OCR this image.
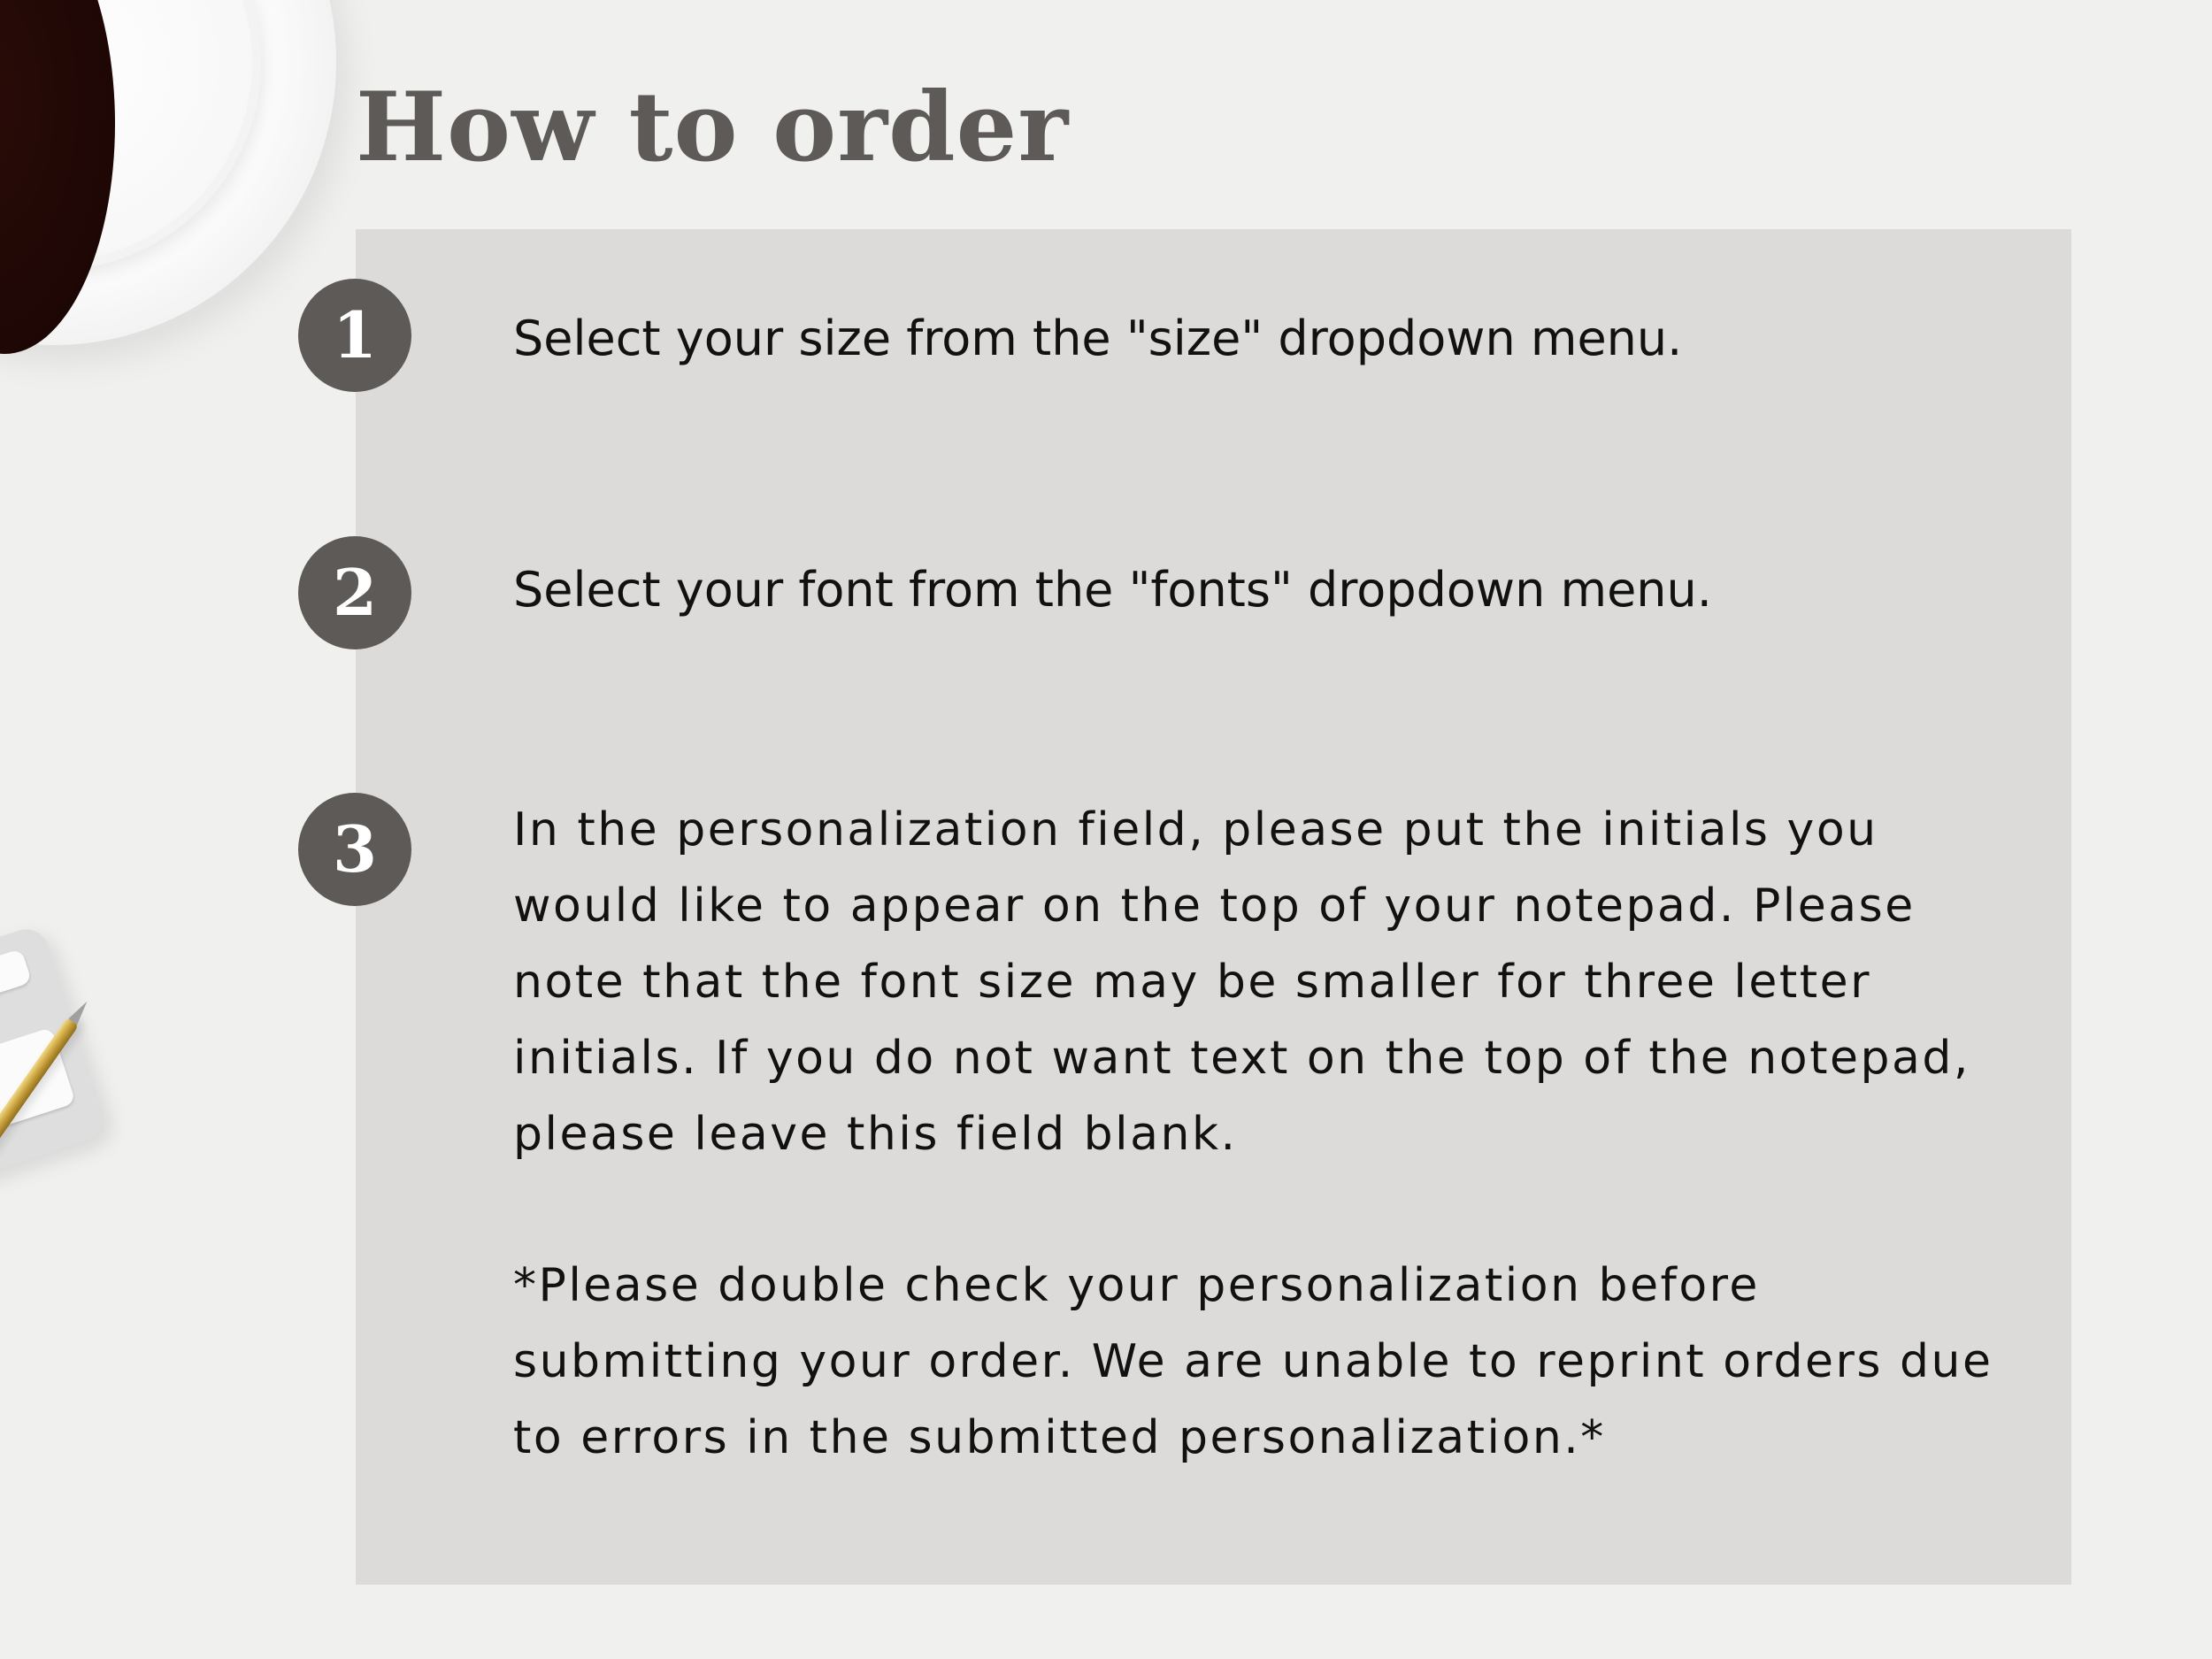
How to order
1	Select your size from the "size" dropdown menu.

2	Select your font from the "fonts" dropdown menu.

3	In the personalization field, please put the initials you would like to appear on the top of your notepad. Please note that the font size may be smaller for three letter initials. If you do not want text on the top of the notepad, please leave this field blank.

*Please double check your personalization before submitting your order. We are unable to reprint orders due to errors in the submitted personalization.*
